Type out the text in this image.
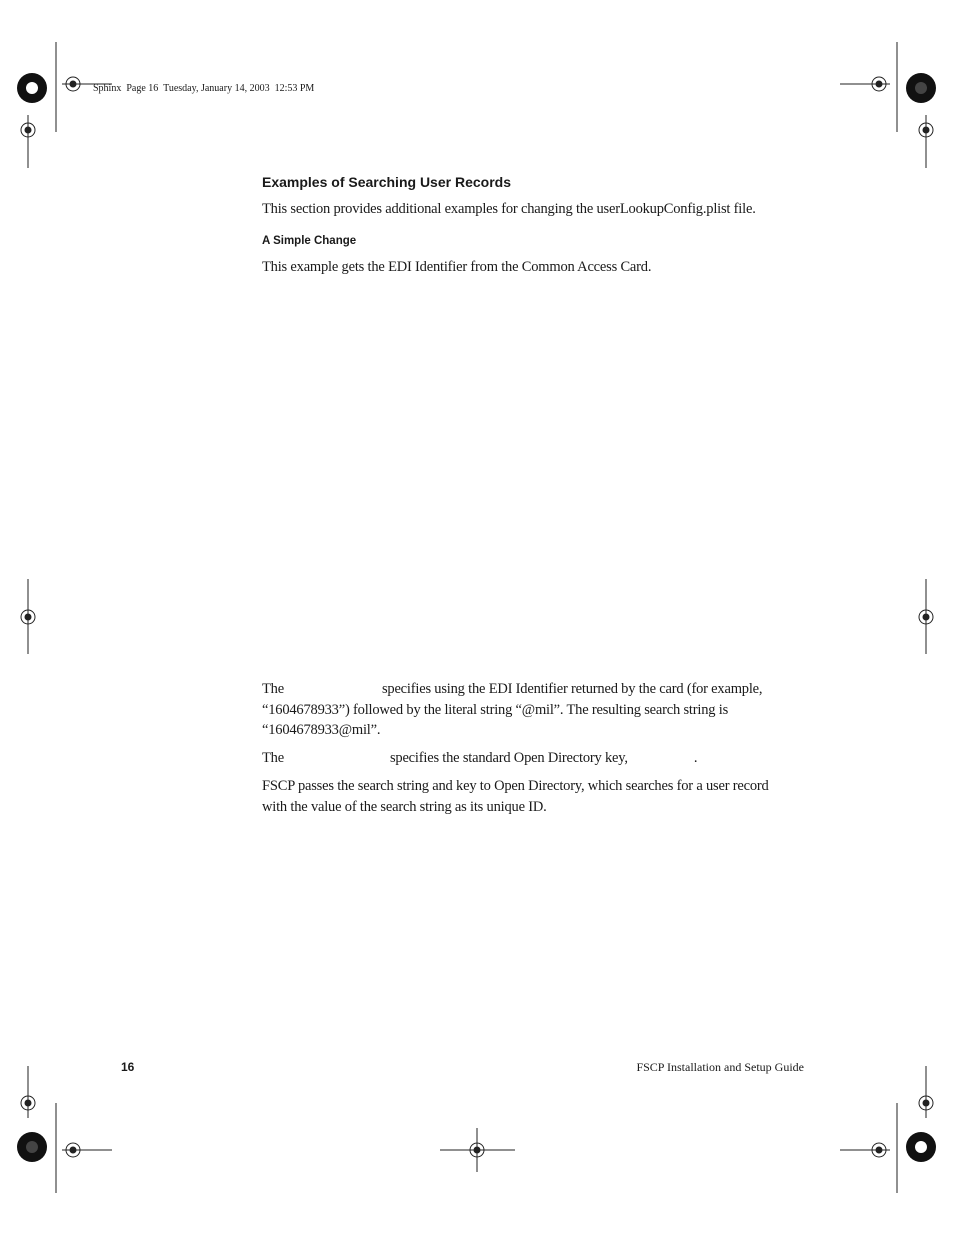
Sphinx  Page 16  Tuesday, January 14, 2003  12:53 PM
Examples of Searching User Records
This section provides additional examples for changing the userLookupConfig.plist file.
A Simple Change
This example gets the EDI Identifier from the Common Access Card.
The	specifies using the EDI Identifier returned by the card (for example,
“1604678933”) followed by the literal string “@mil”. The resulting search string is
“1604678933@mil”.
The	specifies the standard Open Directory key,	.
FSCP passes the search string and key to Open Directory, which searches for a user record
with the value of the search string as its unique ID.
16	FSCP Installation and Setup Guide
